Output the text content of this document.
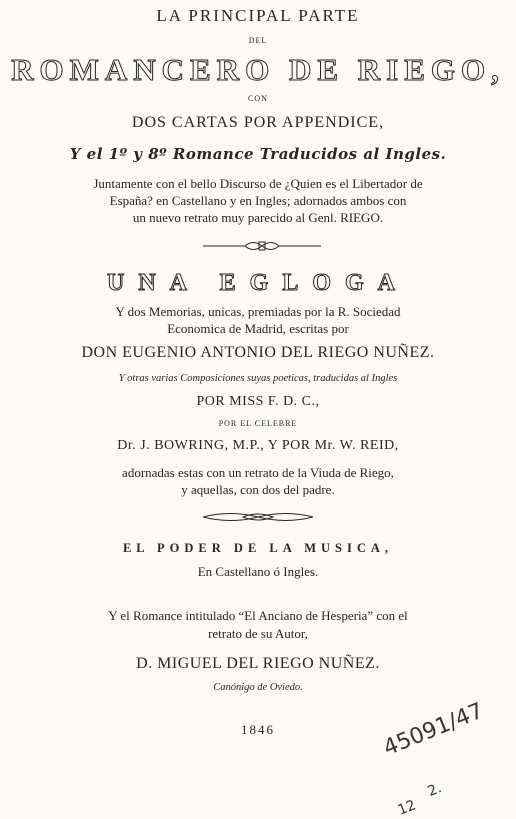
LA PRINCIPAL PARTE
DEL
ROMANCERO DE RIEGO,
CON
DOS CARTAS POR APPENDICE,
Y el 1º y 8º Romance Traducidos al Ingles.
Juntamente con el bello Discurso de ¿Quien es el Libertador de
España? en Castellano y en Ingles; adornados ambos con
un nuevo retrato muy parecido al Genl. RIEGO.
UNA EGLOGA
Y dos Memorias, unicas, premiadas por la R. Sociedad
Economica de Madrid, escritas por
DON EUGENIO ANTONIO DEL RIEGO NUÑEZ.
Y otras varias Composiciones suyas poeticas, traducidas al Ingles
POR MISS F. D. C.,
POR EL CELEBRE
Dr. J. BOWRING, M.P., Y POR Mr. W. REID,
adornadas estas con un retrato de la Viuda de Riego,
y aquellas, con dos del padre.
EL PODER DE LA MUSICA,
En Castellano ó Ingles.
Y el Romance intitulado “El Anciano de Hesperia” con el
retrato de su Autor,
D. MIGUEL DEL RIEGO NUÑEZ.
Canónigo de Oviedo.
1846	45091/47
2.
12
